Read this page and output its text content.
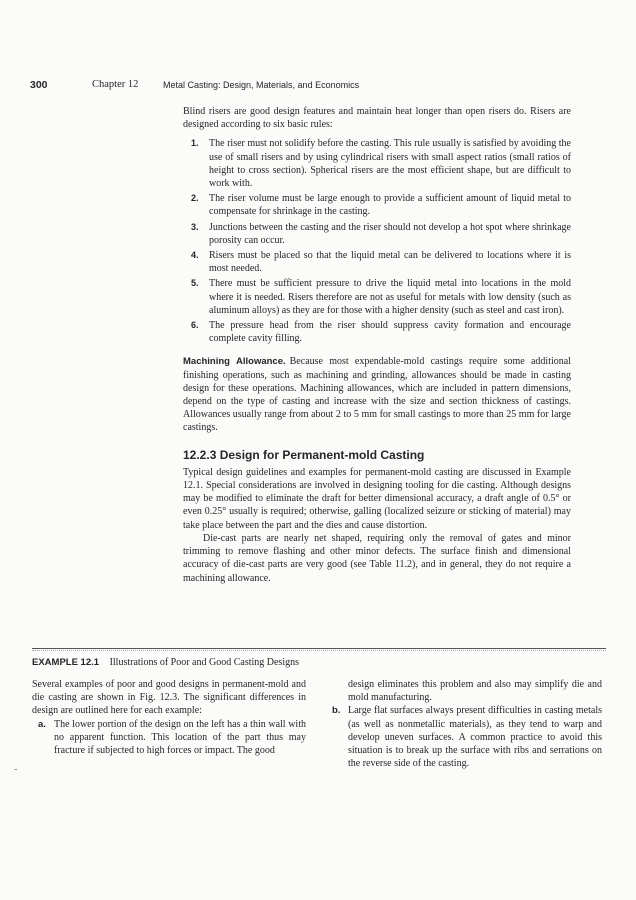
300	Chapter 12	Metal Casting: Design, Materials, and Economics

Blind risers are good design features and maintain heat longer than open risers do. Risers are designed according to six basic rules:

1. The riser must not solidify before the casting. This rule usually is satisfied by avoiding the use of small risers and by using cylindrical risers with small aspect ratios (small ratios of height to cross section). Spherical risers are the most efficient shape, but are difficult to work with.
2. The riser volume must be large enough to provide a sufficient amount of liquid metal to compensate for shrinkage in the casting.
3. Junctions between the casting and the riser should not develop a hot spot where shrinkage porosity can occur.
4. Risers must be placed so that the liquid metal can be delivered to locations where it is most needed.
5. There must be sufficient pressure to drive the liquid metal into locations in the mold where it is needed. Risers therefore are not as useful for metals with low density (such as aluminum alloys) as they are for those with a higher density (such as steel and cast iron).
6. The pressure head from the riser should suppress cavity formation and encourage complete cavity filling.

Machining Allowance. Because most expendable-mold castings require some additional finishing operations, such as machining and grinding, allowances should be made in casting design for these operations. Machining allowances, which are included in pattern dimensions, depend on the type of casting and increase with the size and section thickness of castings. Allowances usually range from about 2 to 5 mm for small castings to more than 25 mm for large castings.

12.2.3 Design for Permanent-mold Casting

Typical design guidelines and examples for permanent-mold casting are discussed in Example 12.1. Special considerations are involved in designing tooling for die casting. Although designs may be modified to eliminate the draft for better dimensional accuracy, a draft angle of 0.5° or even 0.25° usually is required; otherwise, galling (localized seizure or sticking of material) may take place between the part and the dies and cause distortion.

Die-cast parts are nearly net shaped, requiring only the removal of gates and minor trimming to remove flashing and other minor defects. The surface finish and dimensional accuracy of die-cast parts are very good (see Table 11.2), and in general, they do not require a machining allowance.

EXAMPLE 12.1 Illustrations of Poor and Good Casting Designs

Several examples of poor and good designs in permanent-mold and die casting are shown in Fig. 12.3. The significant differences in design are outlined here for each example:

a. The lower portion of the design on the left has a thin wall with no apparent function. This location of the part thus may fracture if subjected to high forces or impact. The good

design eliminates this problem and also may simplify die and mold manufacturing.

b. Large flat surfaces always present difficulties in casting metals (as well as nonmetallic materials), as they tend to warp and develop uneven surfaces. A common practice to avoid this situation is to break up the surface with ribs and serrations on the reverse side of the casting.
-
